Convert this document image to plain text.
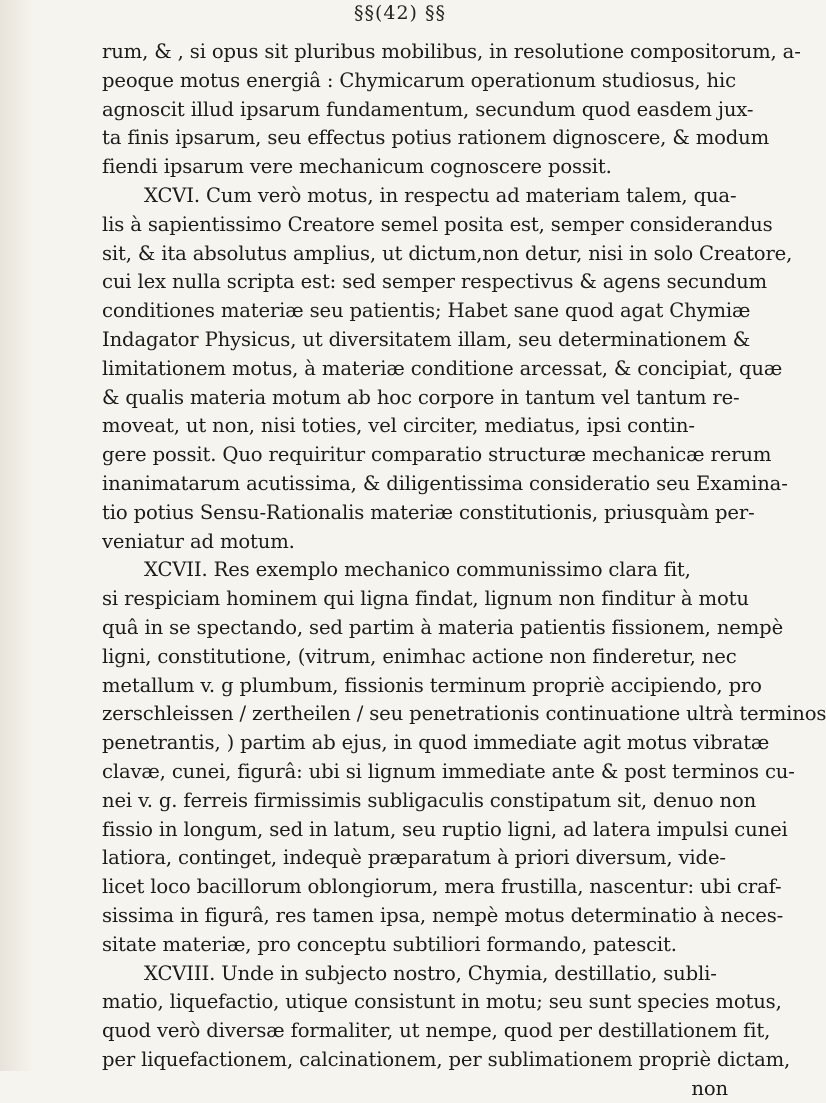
§§(42) §§
rum, & , si opus sit pluribus mobilibus, in resolutione compositorum, a-
peoque motus energiâ : Chymicarum operationum studiosus, hic
agnoscit illud ipsarum fundamentum, secundum quod easdem jux-
ta finis ipsarum, seu effectus potius rationem dignoscere, & modum
fiendi ipsarum vere mechanicum cognoscere possit.
XCVI. Cum verò motus, in respectu ad materiam talem, qua-
lis à sapientissimo Creatore semel posita est, semper considerandus
sit, & ita absolutus amplius, ut dictum,non detur, nisi in solo Creatore,
cui lex nulla scripta est: sed semper respectivus & agens secundum
conditiones materiæ seu patientis; Habet sane quod agat Chymiæ
Indagator Physicus, ut diversitatem illam, seu determinationem &
limitationem motus, à materiæ conditione arcessat, & concipiat, quæ
& qualis materia motum ab hoc corpore in tantum vel tantum re-
moveat, ut non, nisi toties, vel circiter, mediatus, ipsi contin-
gere possit. Quo requiritur comparatio structuræ mechanicæ rerum
inanimatarum acutissima, & diligentissima consideratio seu Examina-
tio potius Sensu-Rationalis materiæ constitutionis, priusquàm per-
veniatur ad motum.
XCVII. Res exemplo mechanico communissimo clara fit,
si respiciam hominem qui ligna findat, lignum non finditur à motu
quâ in se spectando, sed partim à materia patientis fissionem, nempè
ligni, constitutione, (vitrum, enimhac actione non finderetur, nec
metallum v. g plumbum, fissionis terminum propriè accipiendo, pro
zerschleissen / zertheilen / seu penetrationis continuatione ultrà terminos
penetrantis, ) partim ab ejus, in quod immediate agit motus vibratæ
clavæ, cunei, figurâ: ubi si lignum immediate ante & post terminos cu-
nei v. g. ferreis firmissimis subligaculis constipatum sit, denuo non
fissio in longum, sed in latum, seu ruptio ligni, ad latera impulsi cunei
latiora, continget, indequè præparatum à priori diversum, vide-
licet loco bacillorum oblongiorum, mera frustilla, nascentur: ubi craf-
sissima in figurâ, res tamen ipsa, nempè motus determinatio à neces-
sitate materiæ, pro conceptu subtiliori formando, patescit.
XCVIII. Unde in subjecto nostro, Chymia, destillatio, subli-
matio, liquefactio, utique consistunt in motu; seu sunt species motus,
quod verò diversæ formaliter, ut nempe, quod per destillationem fit,
per liquefactionem, calcinationem, per sublimationem propriè dictam,
non
